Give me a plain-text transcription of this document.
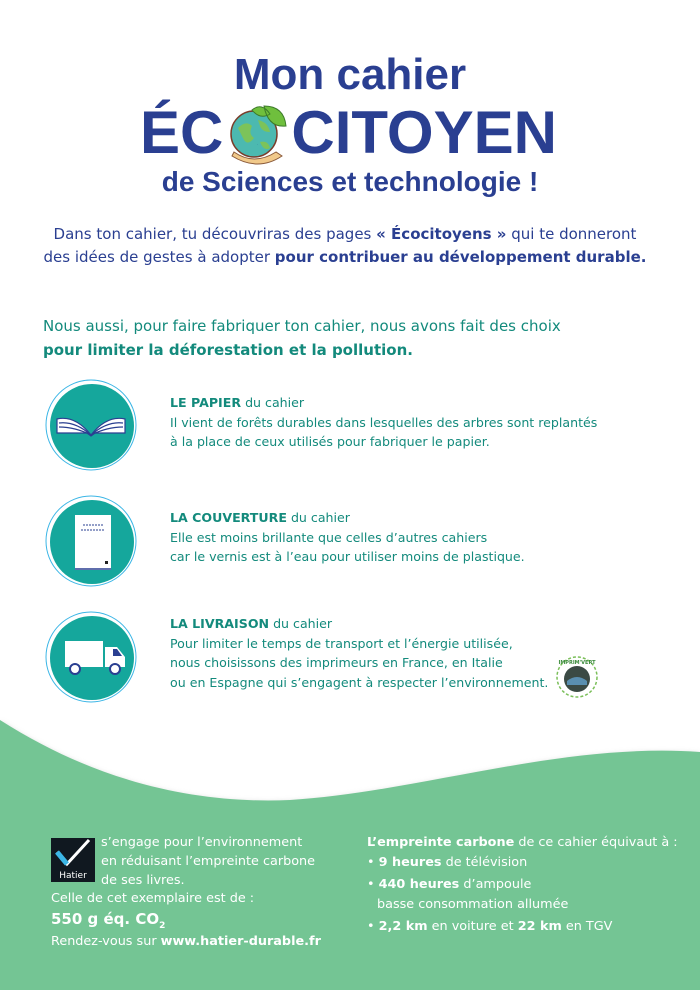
Mon cahier
ÉC	O CITOYEN
de Sciences et technologie !
Dans ton cahier, tu découvriras des pages « Écocitoyens » qui te donneront
des idées de gestes à adopter pour contribuer au développement durable.
Nous aussi, pour faire fabriquer ton cahier, nous avons fait des choix
pour limiter la déforestation et la pollution.
LE PAPIER du cahier
Il vient de forêts durables dans lesquelles des arbres sont replantés
à la place de ceux utilisés pour fabriquer le papier.
LA COUVERTURE du cahier
Elle est moins brillante que celles d’autres cahiers
car le vernis est à l’eau pour utiliser moins de plastique.
LA LIVRAISON du cahier
Pour limiter le temps de transport et l’énergie utilisée,
nous choisissons des imprimeurs en France, en Italie
ou en Espagne qui s’engagent à respecter l’environnement.
IMPRIM'VERT
Hatier
s’engage pour l’environnement
en réduisant l’empreinte carbone
de ses livres.
Celle de cet exemplaire est de :
550 g éq. $CO_2$
Rendez-vous sur www.hatier-durable.fr
L’empreinte carbone de ce cahier équivaut à :
• 9 heures de télévision
• 440 heures d’ampoule
basse consommation allumée
• 2,2 km en voiture et 22 km en TGV
